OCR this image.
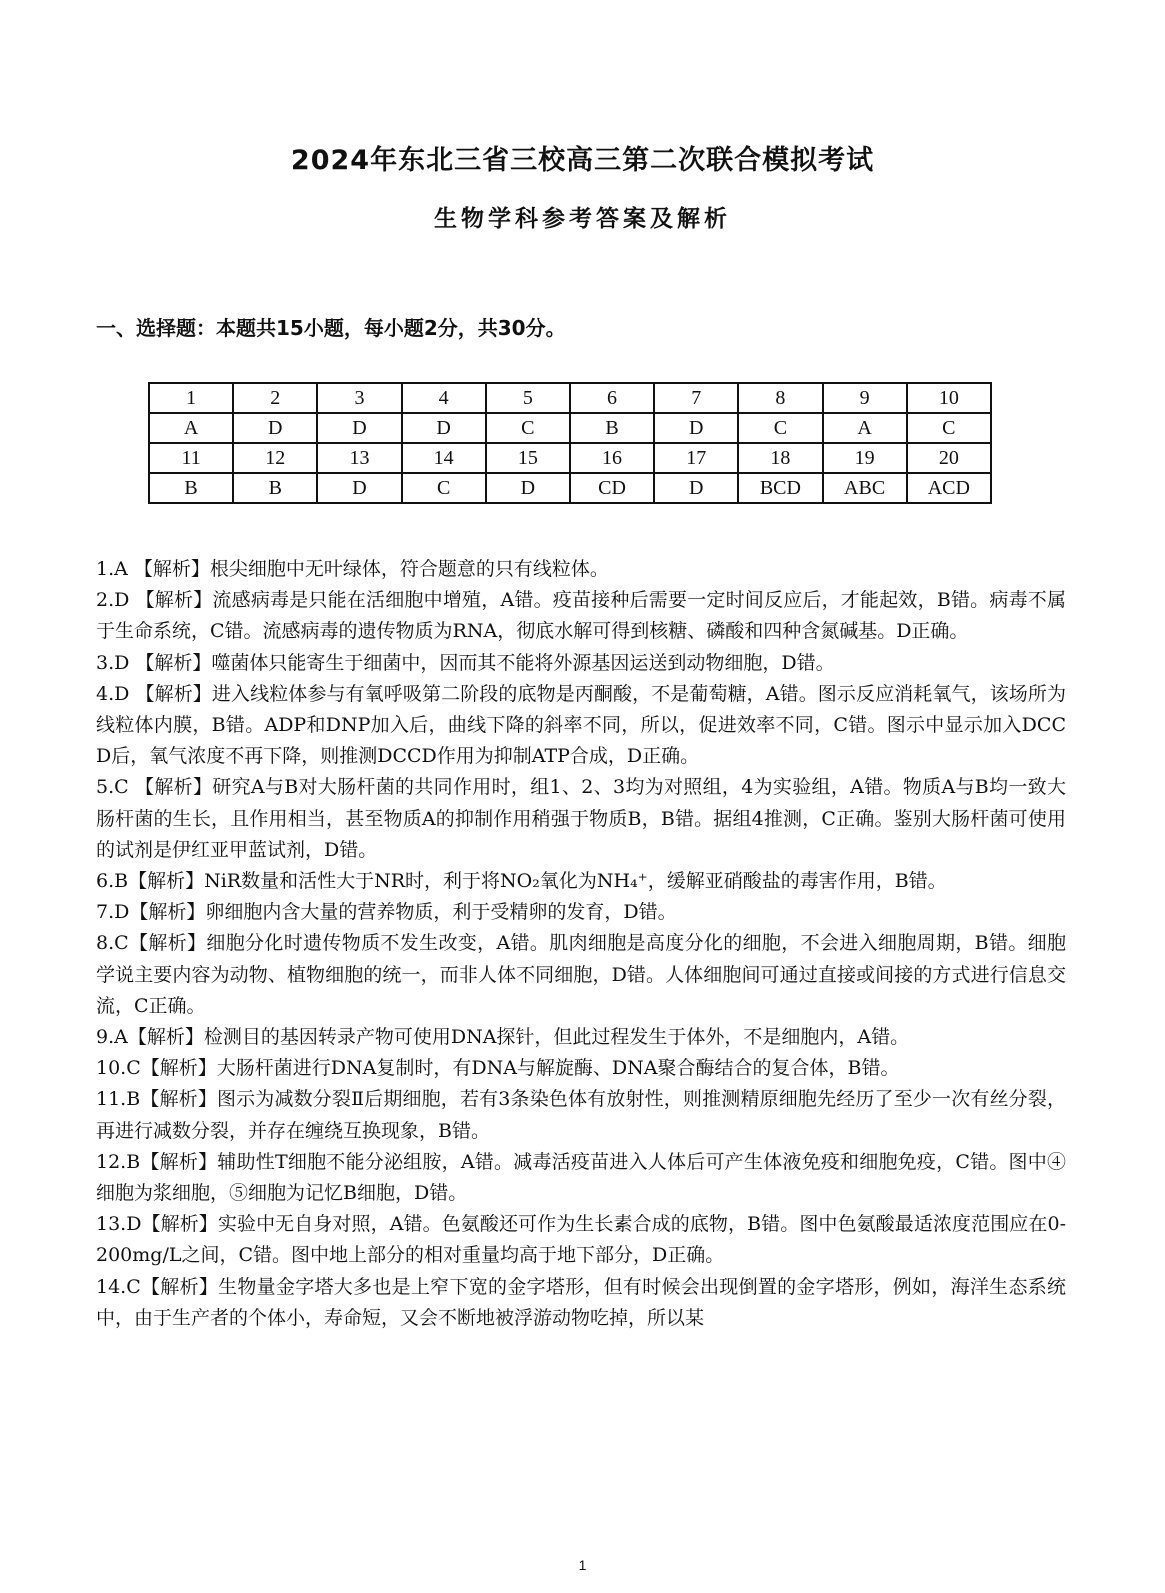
2024年东北三省三校高三第二次联合模拟考试
生物学科参考答案及解析
一、选择题：本题共15小题，每小题2分，共30分。
1	2	3	4	5	6	7	8	9	10
A	D	D	D	C	B	D	C	A	C
11	12	13	14	15	16	17	18	19	20
B	B	D	C	D	CD	D	BCD	ABC	ACD

1.A 【解析】根尖细胞中无叶绿体，符合题意的只有线粒体。

2.D 【解析】流感病毒是只能在活细胞中增殖，A错。疫苗接种后需要一定时间反应后，才能起效，B错。病毒不属于生命系统，C错。流感病毒的遗传物质为RNA，彻底水解可得到核糖、磷酸和四种含氮碱基。D正确。

3.D 【解析】噬菌体只能寄生于细菌中，因而其不能将外源基因运送到动物细胞，D错。

4.D 【解析】进入线粒体参与有氧呼吸第二阶段的底物是丙酮酸，不是葡萄糖，A错。图示反应消耗氧气，该场所为线粒体内膜，B错。ADP和DNP加入后，曲线下降的斜率不同，所以，促进效率不同，C错。图示中显示加入DCCD后，氧气浓度不再下降，则推测DCCD作用为抑制ATP合成，D正确。

5.C 【解析】研究A与B对大肠杆菌的共同作用时，组1、2、3均为对照组，4为实验组，A错。物质A与B均一致大肠杆菌的生长，且作用相当，甚至物质A的抑制作用稍强于物质B，B错。据组4推测，C正确。鉴别大肠杆菌可使用的试剂是伊红亚甲蓝试剂，D错。

6.B【解析】NiR数量和活性大于NR时，利于将NO₂氧化为NH₄⁺，缓解亚硝酸盐的毒害作用，B错。

7.D【解析】卵细胞内含大量的营养物质，利于受精卵的发育，D错。

8.C【解析】细胞分化时遗传物质不发生改变，A错。肌肉细胞是高度分化的细胞，不会进入细胞周期，B错。细胞学说主要内容为动物、植物细胞的统一，而非人体不同细胞，D错。人体细胞间可通过直接或间接的方式进行信息交流，C正确。

9.A【解析】检测目的基因转录产物可使用DNA探针，但此过程发生于体外，不是细胞内，A错。

10.C【解析】大肠杆菌进行DNA复制时，有DNA与解旋酶、DNA聚合酶结合的复合体，B错。

11.B【解析】图示为减数分裂Ⅱ后期细胞，若有3条染色体有放射性，则推测精原细胞先经历了至少一次有丝分裂，再进行减数分裂，并存在缠绕互换现象，B错。

12.B【解析】辅助性T细胞不能分泌组胺，A错。减毒活疫苗进入人体后可产生体液免疫和细胞免疫，C错。图中④细胞为浆细胞，⑤细胞为记忆B细胞，D错。

13.D【解析】实验中无自身对照，A错。色氨酸还可作为生长素合成的底物，B错。图中色氨酸最适浓度范围应在0-200mg/L之间，C错。图中地上部分的相对重量均高于地下部分，D正确。

14.C【解析】生物量金字塔大多也是上窄下宽的金字塔形，但有时候会出现倒置的金字塔形，例如，海洋生态系统中，由于生产者的个体小，寿命短，又会不断地被浮游动物吃掉，所以某

1
